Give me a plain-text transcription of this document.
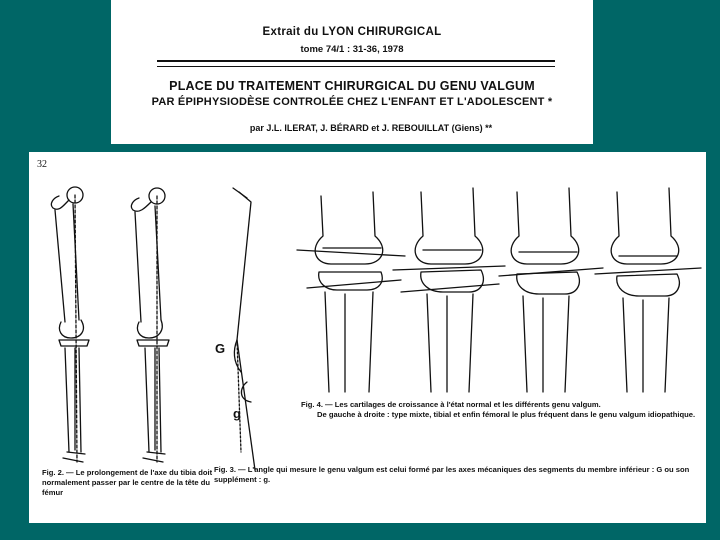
Extrait du LYON CHIRURGICAL
tome 74/1 : 31-36, 1978
PLACE DU TRAITEMENT CHIRURGICAL DU GENU VALGUM
PAR ÉPIPHYSIODÈSE CONTROLÉE CHEZ L'ENFANT ET L'ADOLESCENT *
par J.L. ILERAT, J. BÉRARD et J. REBOUILLAT (Giens) **
32
G
g
Fig. 2. — Le prolongement de l'axe du tibia doit normalement passer par le centre de la tête du fémur
Fig. 3. — L'angle qui mesure le genu valgum est celui formé par les axes mécaniques des segments du membre inférieur : G ou son supplément : g.
Fig. 4. — Les cartilages de croissance à l'état normal et les différents genu valgum.
De gauche à droite : type mixte, tibial et enfin fémoral le plus fréquent dans le genu valgum idiopathique.
